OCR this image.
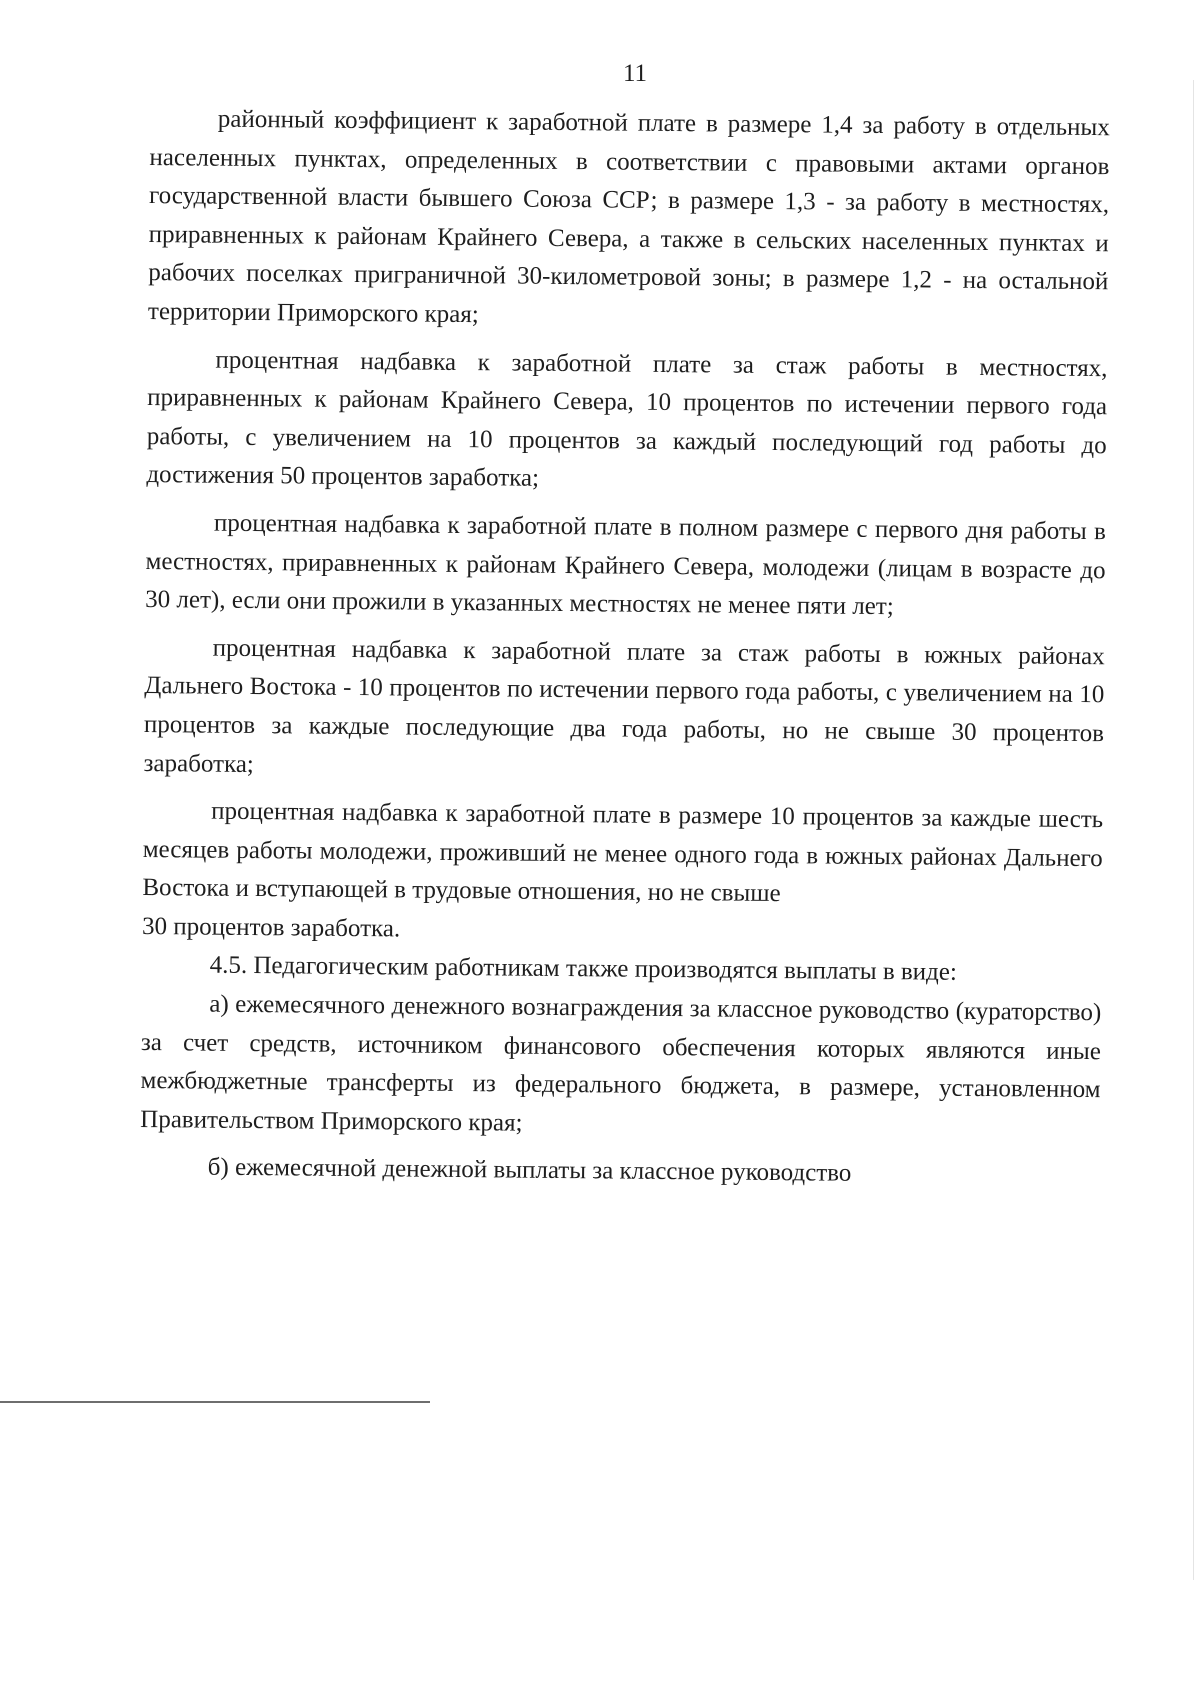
11

районный коэффициент к заработной плате в размере 1,4 за работу в отдельных населенных пунктах, определенных в соответствии с правовыми актами органов государственной власти бывшего Союза ССР; в размере 1,3 - за работу в местностях, приравненных к районам Крайнего Севера, а также в сельских населенных пунктах и рабочих поселках приграничной 30-километровой зоны; в размере 1,2 - на остальной территории Приморского края;

процентная надбавка к заработной плате за стаж работы в местностях, приравненных к районам Крайнего Севера, 10 процентов по истечении первого года работы, с увеличением на 10 процентов за каждый последующий год работы до достижения 50 процентов заработка;

процентная надбавка к заработной плате в полном размере с первого дня работы в местностях, приравненных к районам Крайнего Севера, молодежи (лицам в возрасте до 30 лет), если они прожили в указанных местностях не менее пяти лет;

процентная надбавка к заработной плате за стаж работы в южных районах Дальнего Востока - 10 процентов по истечении первого года работы, с увеличением на 10 процентов за каждые последующие два года работы, но не свыше 30 процентов заработка;

процентная надбавка к заработной плате в размере 10 процентов за каждые шесть месяцев работы молодежи, проживший не менее одного года в южных районах Дальнего Востока и вступающей в трудовые отношения, но не свыше

30 процентов заработка.

4.5. Педагогическим работникам также производятся выплаты в виде:

а) ежемесячного денежного вознаграждения за классное руководство (кураторство) за счет средств, источником финансового обеспечения которых являются иные межбюджетные трансферты из федерального бюджета, в размере, установленном Правительством Приморского края;

б) ежемесячной денежной выплаты за классное руководство
